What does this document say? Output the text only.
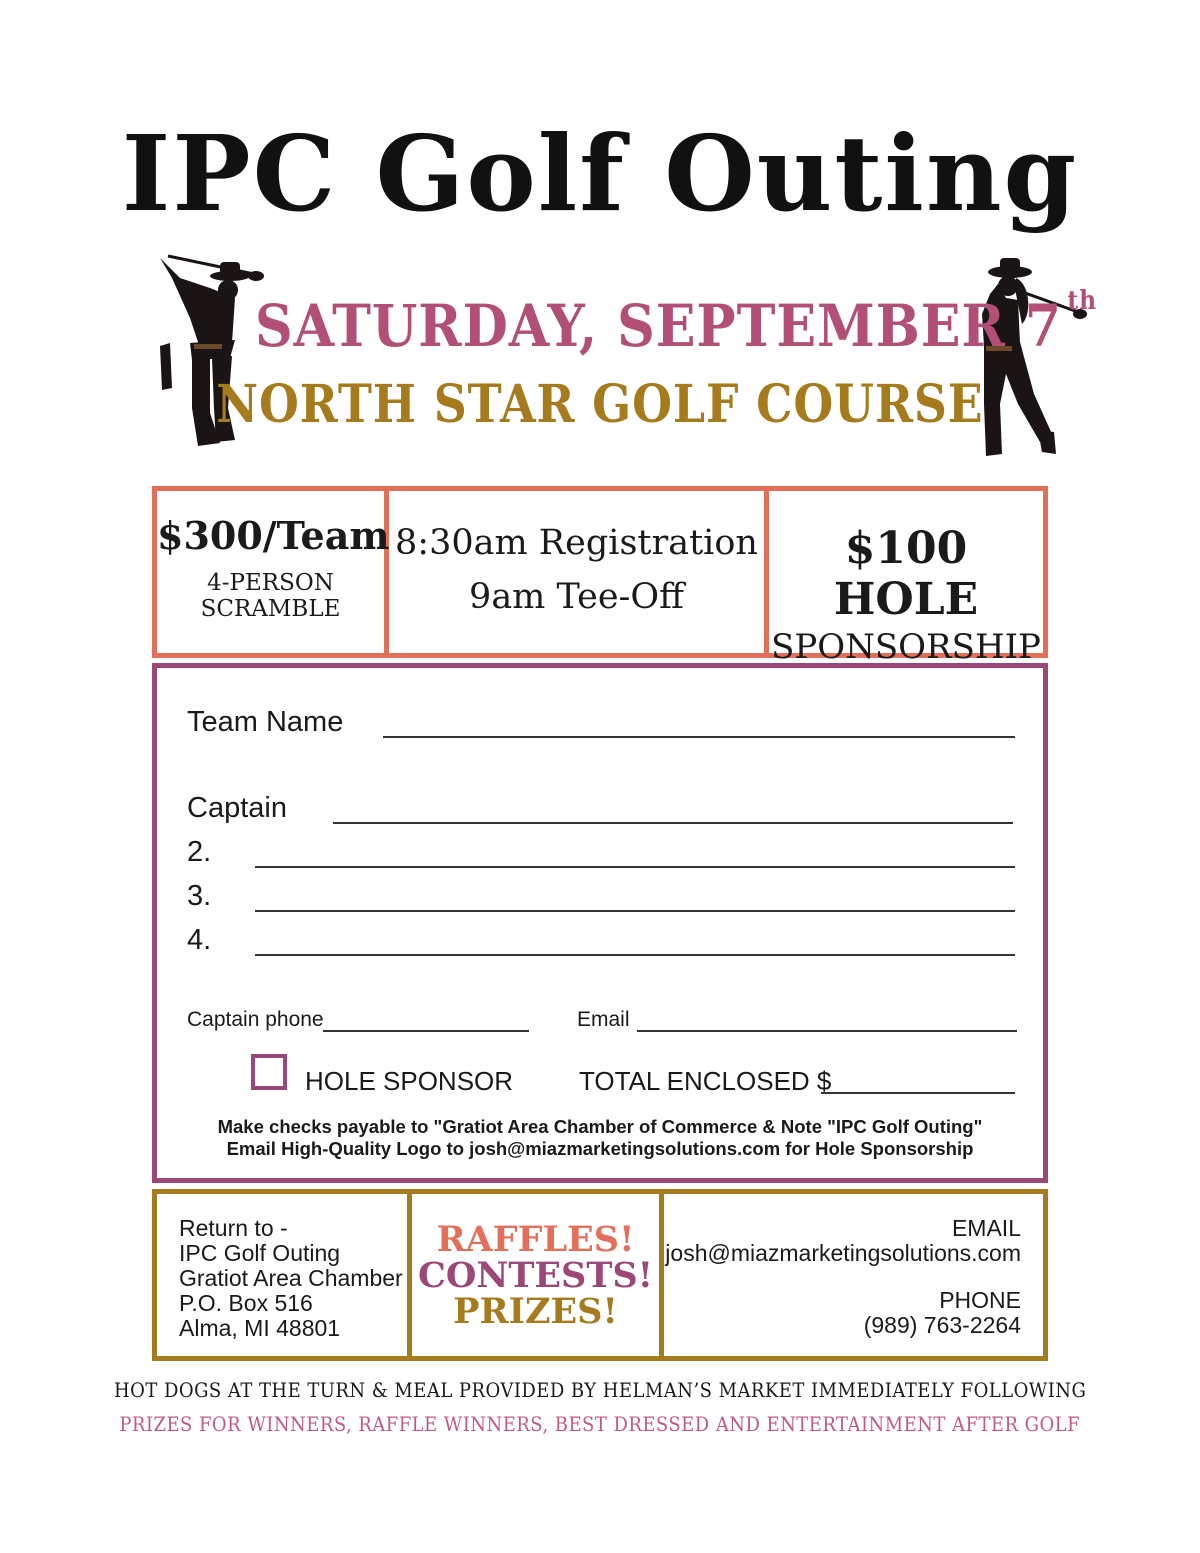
IPC Golf Outing
SATURDAY, SEPTEMBER 7 $^{th}$
NORTH STAR GOLF COURSE
$300/Team
4-PERSON
SCRAMBLE
8:30am Registration
9am Tee-Off
$100 HOLE
SPONSORSHIP
Team Name
Captain
2.
3.
4.
Captain phone	Email
HOLE SPONSOR	TOTAL ENCLOSED $
Make checks payable to "Gratiot Area Chamber of Commerce & Note "IPC Golf Outing"
Email High-Quality Logo to josh@miazmarketingsolutions.com for Hole Sponsorship
Return to -
IPC Golf Outing
Gratiot Area Chamber
P.O. Box 516
Alma, MI 48801
RAFFLES!
CONTESTS!
PRIZES!
EMAIL
josh@miazmarketingsolutions.com
PHONE
(989) 763-2264
HOT DOGS AT THE TURN & MEAL PROVIDED BY HELMAN’S MARKET IMMEDIATELY FOLLOWING
PRIZES FOR WINNERS, RAFFLE WINNERS, BEST DRESSED AND ENTERTAINMENT AFTER GOLF
